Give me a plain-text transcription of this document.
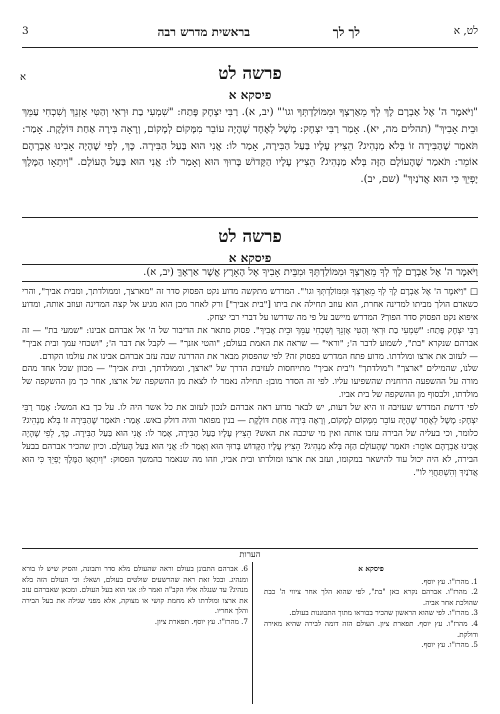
לט, א
לך לך
בראשית מדרש רבה
3
פרשה לט
א
פיסקא א

"וַיֹּאמֶר ה' אֶל אַבְרָם לֶךְ לְךָ מֵאַרְצְךָ וּמִמּוֹלַדְתְּךָ וגו'" (יב, א). רַבִּי יִצְחָק פָּתַח: "שִׁמְעִי בַת וּרְאִי וְהַטִּי אָזְנֵךְ וְשִׁכְחִי עַמֵּךְ וּבֵית אָבִיךְ" (תהלים מה, יא). אָמַר רַבִּי יִצְחָק: מָשָׁל לְאֶחָד שֶׁהָיָה עוֹבֵר מִמָּקוֹם לְמָקוֹם, וְרָאָה בִּירָה אַחַת דּוֹלֶקֶת. אָמַר: תֹּאמַר שֶׁהַבִּירָה זוֹ בְּלֹא מַנְהִיג? הֵצִיץ עָלָיו בַּעַל הַבִּירָה, אָמַר לוֹ: אֲנִי הוּא בַּעַל הַבִּירָה. כָּךְ, לְפִי שֶׁהָיָה אָבִינוּ אַבְרָהָם אוֹמֵר: תֹּאמַר שֶׁהָעוֹלָם הַזֶּה בְּלֹא מַנְהִיג? הֵצִיץ עָלָיו הַקָּדוֹשׁ בָּרוּךְ הוּא וְאָמַר לוֹ: אֲנִי הוּא בַּעַל הָעוֹלָם. "וְיִתְאָו הַמֶּלֶךְ יָפְיֵךְ כִּי הוּא אֲדֹנַיִךְ" (שם, יב).

פרשה לט
פיסקא א
וַיֹּאמֶר ה' אֶל אַבְרָם לֶךְ לְךָ מֵאַרְצְךָ וּמִמּוֹלַדְתְּךָ וּמִבֵּית אָבִיךָ אֶל הָאָרֶץ אֲשֶׁר אַרְאֶךָּ (יב, א).

□ "וַיֹּאמֶר ה' אֶל אַבְרָם לֶךְ לְךָ מֵאַרְצְךָ וּמִמּוֹלַדְתְּךָ וגו'". המדרש מתקשה מדוע נקט הפסוק סדר זה "מארצך, וממולדתך, ומבית אביך", והרי כשאדם הולך מביתו למדינה אחרת, הוא עוזב תחילה את ביתו ["בית אביך"] ורק לאחר מכן הוא מגיע אל קצה המדינה ועוזב אותה, ומדוע איפוא נקט הפסוק סדר הפוך? המדרש מיישב על פי מה שדרשו על דברי רבי יצחק.

רַבִּי יִצְחָק פָּתַח: "שִׁמְעִי בַת וּרְאִי וְהַטִּי אָזְנֵךְ וְשִׁכְחִי עַמֵּךְ וּבֵית אָבִיךְ". פסוק מתאר את הדיבור של ה' אל אברהם אבינו: "שמעי בת" — זה אברהם שנקרא "בת", לשמוע לדבר ה'; "וראי" — שראה את האמת בעולם; "והטי אזנך" — לקבל את דבר ה'; "ושכחי עמך ובית אביך" — לעזוב את ארצו ומולדתו. מדוע פתח המדרש בפסוק זה? לפי שהפסוק מבאר את ההדרגה שבה עזב אברהם אבינו את עולמו הקודם.

שלנו, שהמילים "ארצך" ו"מולדתך" ו"בית אביך" מתייחסות לעזיבת הדרך של "ארצך, וממולדתך, ובית אביך" — מכוון שכל אחד מהם מורה על ההשפעה הרוחנית שהשפיעו עליו. לפי זה הסדר מובן: תחילה נאמר לו לצאת מן ההשקפה של ארצו, אחר כך מן ההשקפה של מולדתו, ולבסוף מן ההשקפה של בית אביו.

לפי דרשת המדרש שעזיבה זו היא של דעות, יש לבאר מדוע ראה אברהם לנכון לעזוב את כל אשר היה לו. על כך בא המשל: אָמַר רַבִּי יִצְחָק: מָשָׁל לְאֶחָד שֶׁהָיָה עוֹבֵר מִמָּקוֹם לְמָקוֹם, וְרָאָה בִּירָה אַחַת דּוֹלֶקֶת — בנין מפואר והיה דולק באש. אָמַר: תֹּאמַר שֶׁהַבִּירָה זוֹ בְּלֹא מַנְהִיג? כלומר, וכי בעליה של הבירה עזבו אותה ואין מי שיכבה את האש? הֵצִיץ עָלָיו בַּעַל הַבִּירָה, אָמַר לוֹ: אֲנִי הוּא בַּעַל הַבִּירָה. כָּךְ, לְפִי שֶׁהָיָה אָבִינוּ אַבְרָהָם אוֹמֵר: תֹּאמַר שֶׁהָעוֹלָם הַזֶּה בְּלֹא מַנְהִיג? הֵצִיץ עָלָיו הַקָּדוֹשׁ בָּרוּךְ הוּא וְאָמַר לוֹ: אֲנִי הוּא בַּעַל הָעוֹלָם. וכיון שהכיר אברהם בבעל הבירה, לא היה יכול עוד להישאר במקומו, ועזב את ארצו ומולדתו ובית אביו, וזהו מה שנאמר בהמשך הפסוק: "וְיִתְאָו הַמֶּלֶךְ יָפְיֵךְ כִּי הוּא אֲדֹנַיִךְ וְהִשְׁתַּחֲוִי לוֹ".

הערות

פיסקא א

1. מהרז"ו. עץ יוסף.

2. מהרז"ו. אברהם נקרא כאן "בת", לפי שהוא הלך אחר ציווי ה' כבת שהולכת אחר אביה.

3. מהרז"ו. לפי שהוא הראשון שהכיר בבוראו מתוך התבוננות בעולם.

4. מהרז"ו. עץ יוסף. תפארת ציון. העולם הזה דומה לבירה שהיא מאירה ודולקת.

5. מהרז"ו. עץ יוסף.

6. אברהם התבונן בעולם וראה שהעולם מלא סדר ותבונה, והסיק שיש לו בורא ומנהיג. ובכל זאת ראה שהרשעים שולטים בעולם, ושאל: וכי העולם הזה בלא מנהיג? עד שנגלה אליו הקב"ה ואמר לו: אני הוא בעל העולם. ומכאן שאברהם עזב את ארצו ומולדתו לא מחמת קושי או מצוקה, אלא מפני שגילה את בעל הבירה והלך אחריו.

7. מהרז"ו. עץ יוסף. תפארת ציון.
